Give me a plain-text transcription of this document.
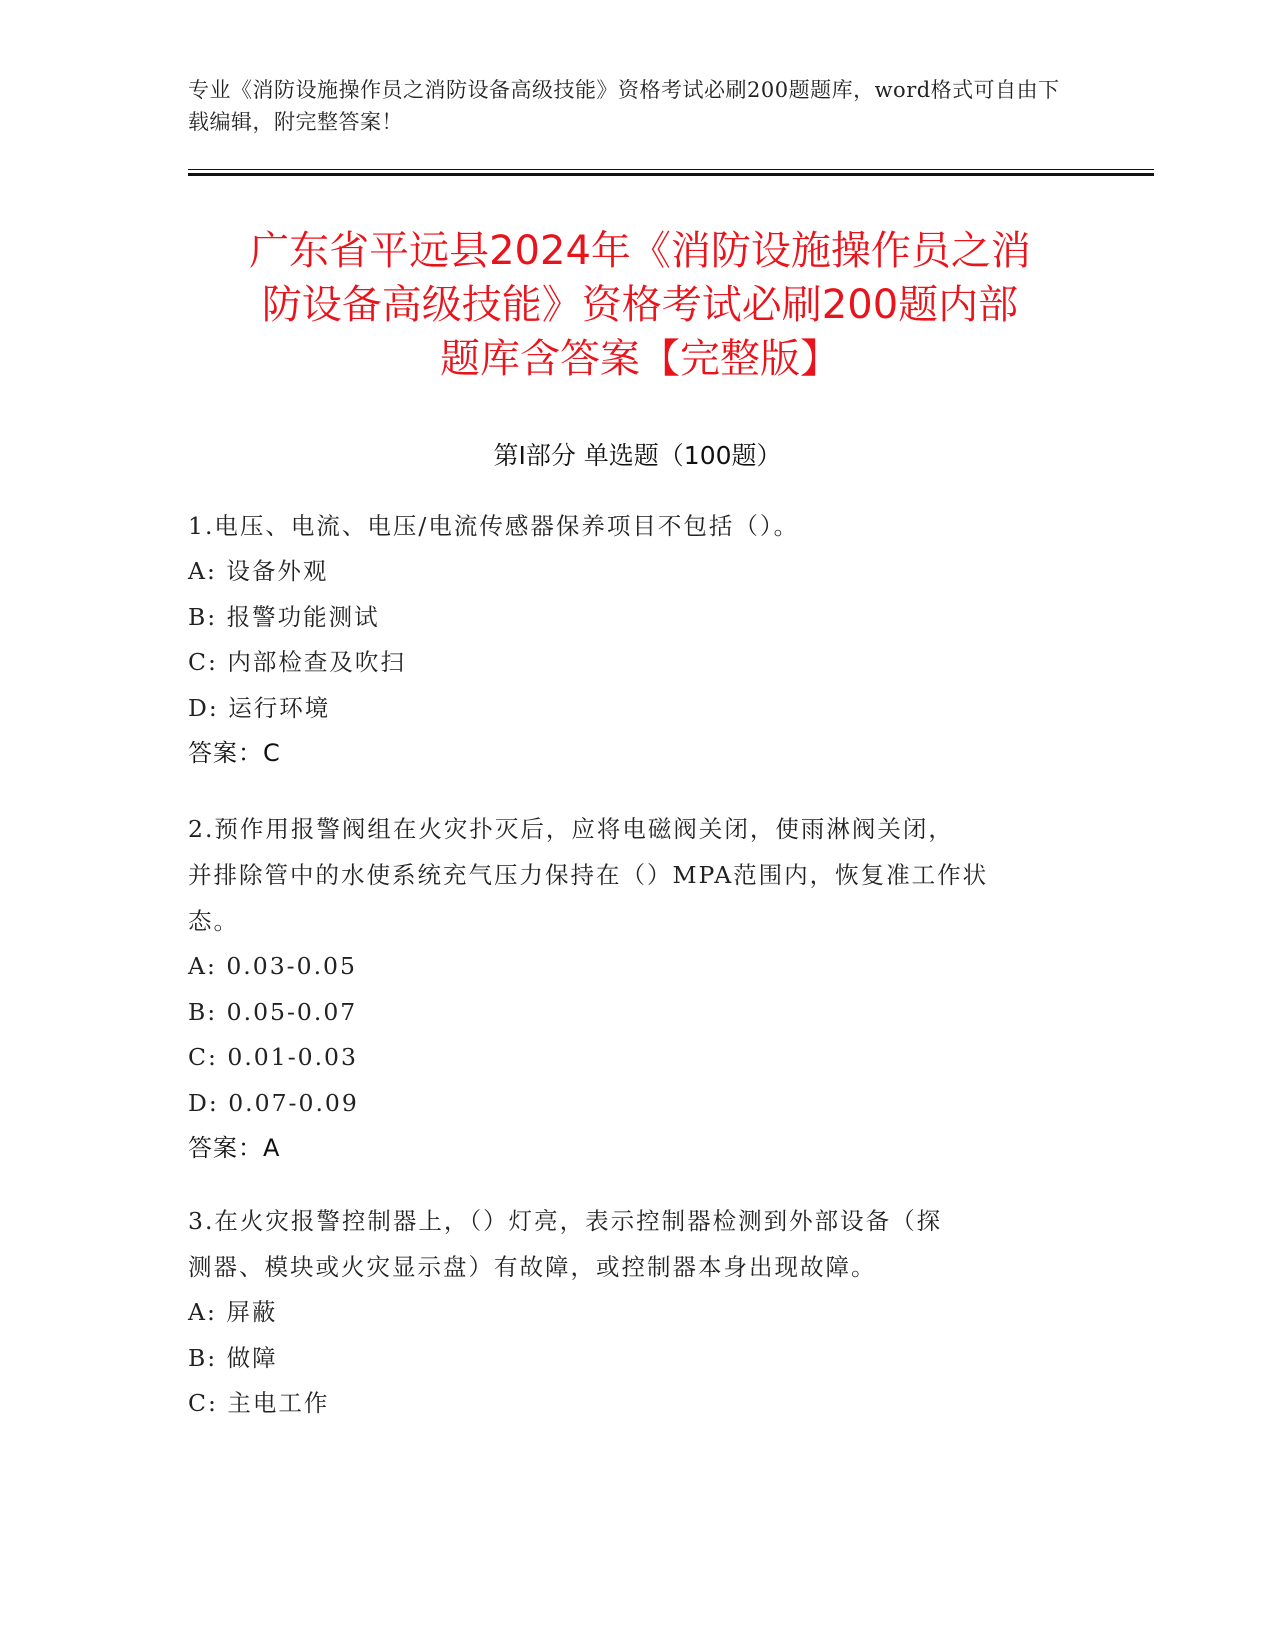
专业《消防设施操作员之消防设备高级技能》资格考试必刷200题题库，word格式可自由下载编辑，附完整答案！
广东省平远县2024年《消防设施操作员之消
防设备高级技能》资格考试必刷200题内部
题库含答案【完整版】
第I部分 单选题（100题）

1.电压、电流、电压/电流传感器保养项目不包括（）。

A: 设备外观

B: 报警功能测试

C: 内部检查及吹扫

D: 运行环境

答案：C

2.预作用报警阀组在火灾扑灭后，应将电磁阀关闭，使雨淋阀关闭，

并排除管中的水使系统充气压力保持在（）MPA范围内，恢复准工作状

态。

A: 0.03-0.05

B: 0.05-0.07

C: 0.01-0.03

D: 0.07-0.09

答案：A

3.在火灾报警控制器上，（）灯亮，表示控制器检测到外部设备（探

测器、模块或火灾显示盘）有故障，或控制器本身出现故障。

A: 屏蔽

B: 做障

C: 主电工作
